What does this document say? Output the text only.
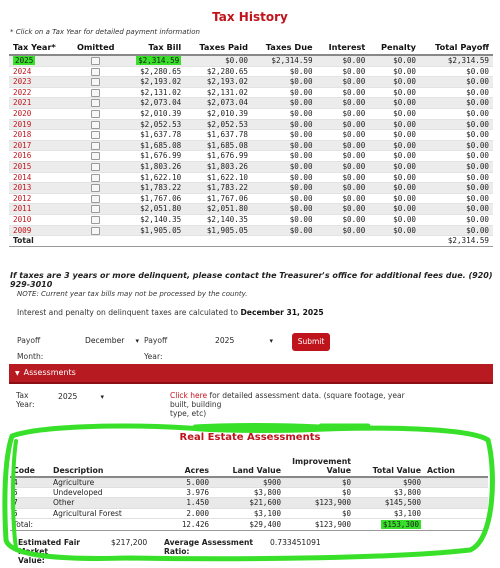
Tax History
* Click on a Tax Year for detailed payment information
Tax Year*	Omitted	Tax Bill	Taxes Paid	Taxes Due	Interest	Penalty	Total Payoff
2025		$2,314.59	$0.00	$2,314.59	$0.00	$0.00	$2,314.59
2024		$2,280.65	$2,280.65	$0.00	$0.00	$0.00	$0.00
2023		$2,193.02	$2,193.02	$0.00	$0.00	$0.00	$0.00
2022		$2,131.02	$2,131.02	$0.00	$0.00	$0.00	$0.00
2021		$2,073.04	$2,073.04	$0.00	$0.00	$0.00	$0.00
2020		$2,010.39	$2,010.39	$0.00	$0.00	$0.00	$0.00
2019		$2,052.53	$2,052.53	$0.00	$0.00	$0.00	$0.00
2018		$1,637.78	$1,637.78	$0.00	$0.00	$0.00	$0.00
2017		$1,685.08	$1,685.08	$0.00	$0.00	$0.00	$0.00
2016		$1,676.99	$1,676.99	$0.00	$0.00	$0.00	$0.00
2015		$1,803.26	$1,803.26	$0.00	$0.00	$0.00	$0.00
2014		$1,622.10	$1,622.10	$0.00	$0.00	$0.00	$0.00
2013		$1,783.22	$1,783.22	$0.00	$0.00	$0.00	$0.00
2012		$1,767.06	$1,767.06	$0.00	$0.00	$0.00	$0.00
2011		$2,051.80	$2,051.80	$0.00	$0.00	$0.00	$0.00
2010		$2,140.35	$2,140.35	$0.00	$0.00	$0.00	$0.00
2009		$1,905.05	$1,905.05	$0.00	$0.00	$0.00	$0.00
Total							$2,314.59
If taxes are 3 years or more delinquent, please contact the Treasurer's office for additional fees due. (920) 929-3010
NOTE: Current year tax bills may not be processed by the county.
Interest and penalty on delinquent taxes are calculated to December 31, 2025
Payoff Month:
December ▾ Payoff Year:
2025	▾	Submit
▼ Assessments
Tax
Year:
2025	▾	Click here for detailed assessment data. (square footage, year built, building
type, etc)
Real Estate Assessments
Code	Description	Acres	Land Value	Improvement
Value	Total Value	Action
4	Agriculture	5.000	$900	$0	$900	
5	Undeveloped	3.976	$3,800	$0	$3,800	
7	Other	1.450	$21,600	$123,900	$145,500	
5	Agricultural Forest	2.000	$3,100	$0	$3,100	
Total:		12.426	$29,400	$123,900	$153,300	
Estimated Fair Market
Value:
$217,200 Average Assessment
Ratio:
0.733451091
